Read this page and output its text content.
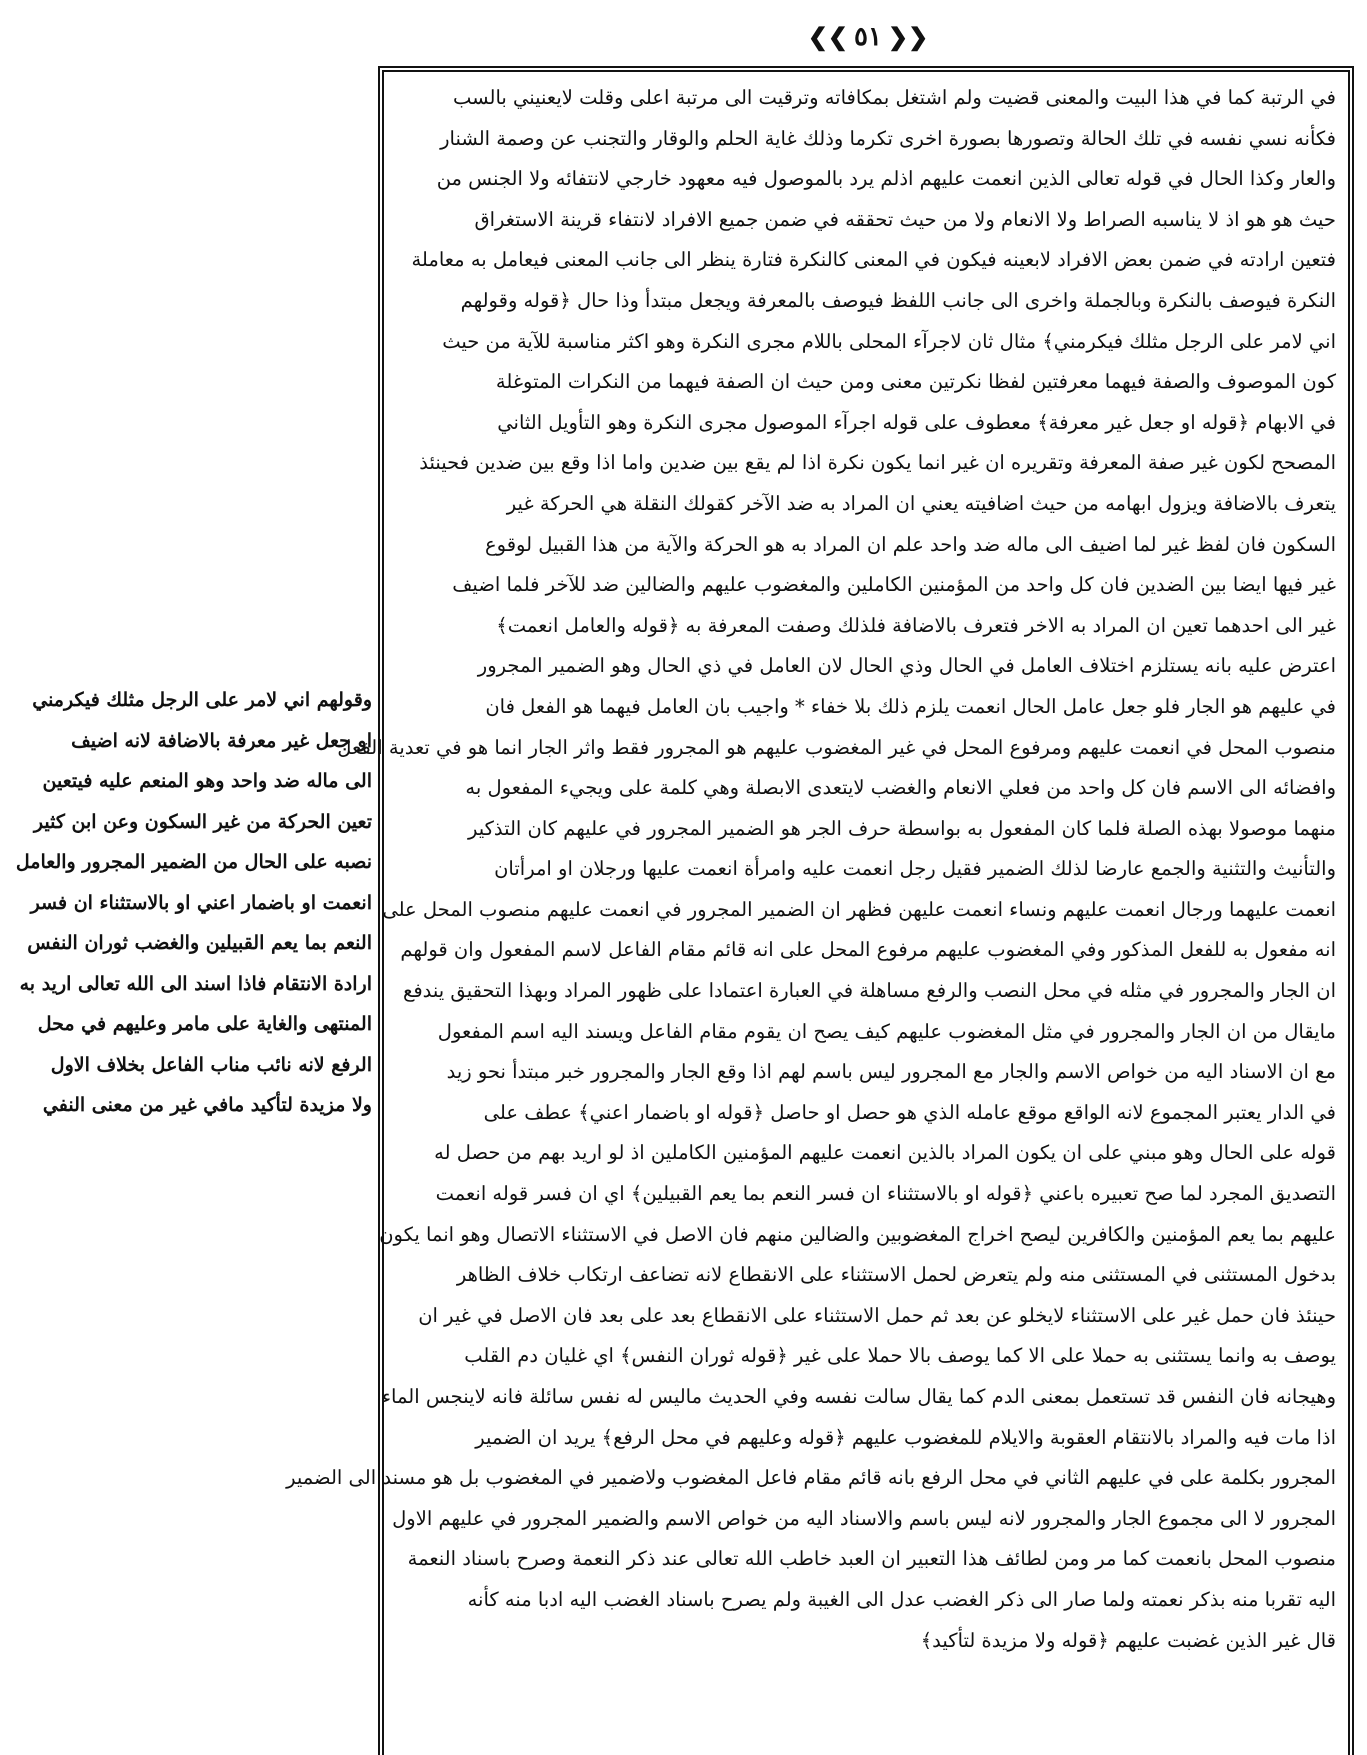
❮❮ ٥١ ❯❯
في الرتبة كما في هذا البيت والمعنى قضيت ولم اشتغل بمكافاته وترقيت الى مرتبة اعلى وقلت لايعنيني بالسب
فكأنه نسي نفسه في تلك الحالة وتصورها بصورة اخرى تكرما وذلك غاية الحلم والوقار والتجنب عن وصمة الشنار
والعار وكذا الحال في قوله تعالى الذين انعمت عليهم اذلم يرد بالموصول فيه معهود خارجي لانتفائه ولا الجنس من
حيث هو هو اذ لا يناسبه الصراط ولا الانعام ولا من حيث تحققه في ضمن جميع الافراد لانتفاء قرينة الاستغراق
فتعين ارادته في ضمن بعض الافراد لابعينه فيكون في المعنى كالنكرة فتارة ينظر الى جانب المعنى فيعامل به معاملة
النكرة فيوصف بالنكرة وبالجملة واخرى الى جانب اللفظ فيوصف بالمعرفة ويجعل مبتدأ وذا حال ﴿قوله وقولهم
اني لامر على الرجل مثلك فيكرمني﴾ مثال ثان لاجرآء المحلى باللام مجرى النكرة وهو اكثر مناسبة للآية من حيث
كون الموصوف والصفة فيهما معرفتين لفظا نكرتين معنى ومن حيث ان الصفة فيهما من النكرات المتوغلة
في الابهام ﴿قوله او جعل غير معرفة﴾ معطوف على قوله اجرآء الموصول مجرى النكرة وهو التأويل الثاني
المصحح لكون غير صفة المعرفة وتقريره ان غير انما يكون نكرة اذا لم يقع بين ضدين واما اذا وقع بين ضدين فحينئذ
يتعرف بالاضافة ويزول ابهامه من حيث اضافيته يعني ان المراد به ضد الآخر كقولك النقلة هي الحركة غير
السكون فان لفظ غير لما اضيف الى ماله ضد واحد علم ان المراد به هو الحركة والآية من هذا القبيل لوقوع
غير فيها ايضا بين الضدين فان كل واحد من المؤمنين الكاملين والمغضوب عليهم والضالين ضد للآخر فلما اضيف
غير الى احدهما تعين ان المراد به الاخر فتعرف بالاضافة فلذلك وصفت المعرفة به ﴿قوله والعامل انعمت﴾
اعترض عليه بانه يستلزم اختلاف العامل في الحال وذي الحال لان العامل في ذي الحال وهو الضمير المجرور
في عليهم هو الجار فلو جعل عامل الحال انعمت يلزم ذلك بلا خفاء * واجيب بان العامل فيهما هو الفعل فان
منصوب المحل في انعمت عليهم ومرفوع المحل في غير المغضوب عليهم هو المجرور فقط واثر الجار انما هو في تعدية الفعل
وافضائه الى الاسم فان كل واحد من فعلي الانعام والغضب لايتعدى الابصلة وهي كلمة على ويجيء المفعول به
منهما موصولا بهذه الصلة فلما كان المفعول به بواسطة حرف الجر هو الضمير المجرور في عليهم كان التذكير
والتأنيث والتثنية والجمع عارضا لذلك الضمير فقيل رجل انعمت عليه وامرأة انعمت عليها ورجلان او امرأتان
انعمت عليهما ورجال انعمت عليهم ونساء انعمت عليهن فظهر ان الضمير المجرور في انعمت عليهم منصوب المحل على
انه مفعول به للفعل المذكور وفي المغضوب عليهم مرفوع المحل على انه قائم مقام الفاعل لاسم المفعول وان قولهم
ان الجار والمجرور في مثله في محل النصب والرفع مساهلة في العبارة اعتمادا على ظهور المراد وبهذا التحقيق يندفع
مايقال من ان الجار والمجرور في مثل المغضوب عليهم كيف يصح ان يقوم مقام الفاعل ويسند اليه اسم المفعول
مع ان الاسناد اليه من خواص الاسم والجار مع المجرور ليس باسم لهم اذا وقع الجار والمجرور خبر مبتدأ نحو زيد
في الدار يعتبر المجموع لانه الواقع موقع عامله الذي هو حصل او حاصل ﴿قوله او باضمار اعني﴾ عطف على
قوله على الحال وهو مبني على ان يكون المراد بالذين انعمت عليهم المؤمنين الكاملين اذ لو اريد بهم من حصل له
التصديق المجرد لما صح تعبيره باعني ﴿قوله او بالاستثناء ان فسر النعم بما يعم القبيلين﴾ اي ان فسر قوله انعمت
عليهم بما يعم المؤمنين والكافرين ليصح اخراج المغضوبين والضالين منهم فان الاصل في الاستثناء الاتصال وهو انما يكون
بدخول المستثنى في المستثنى منه ولم يتعرض لحمل الاستثناء على الانقطاع لانه تضاعف ارتكاب خلاف الظاهر
حينئذ فان حمل غير على الاستثناء لايخلو عن بعد ثم حمل الاستثناء على الانقطاع بعد على بعد فان الاصل في غير ان
يوصف به وانما يستثنى به حملا على الا كما يوصف بالا حملا على غير ﴿قوله ثوران النفس﴾ اي غليان دم القلب
وهيجانه فان النفس قد تستعمل بمعنى الدم كما يقال سالت نفسه وفي الحديث ماليس له نفس سائلة فانه لاينجس الماء
اذا مات فيه والمراد بالانتقام العقوبة والايلام للمغضوب عليهم ﴿قوله وعليهم في محل الرفع﴾ يريد ان الضمير
المجرور بكلمة على في عليهم الثاني في محل الرفع بانه قائم مقام فاعل المغضوب ولاضمير في المغضوب بل هو مسند الى الضمير
المجرور لا الى مجموع الجار والمجرور لانه ليس باسم والاسناد اليه من خواص الاسم والضمير المجرور في عليهم الاول
منصوب المحل بانعمت كما مر ومن لطائف هذا التعبير ان العبد خاطب الله تعالى عند ذكر النعمة وصرح باسناد النعمة
اليه تقربا منه بذكر نعمته ولما صار الى ذكر الغضب عدل الى الغيبة ولم يصرح باسناد الغضب اليه ادبا منه كأنه
قال غير الذين غضبت عليهم ﴿قوله ولا مزيدة لتأكيد﴾
وقولهم اني لامر على الرجل مثلك فيكرمني
او جعل غير معرفة بالاضافة لانه اضيف
الى ماله ضد واحد وهو المنعم عليه فيتعين
تعين الحركة من غير السكون وعن ابن كثير
نصبه على الحال من الضمير المجرور والعامل
انعمت او باضمار اعني او بالاستثناء ان فسر
النعم بما يعم القبيلين والغضب ثوران النفس
ارادة الانتقام فاذا اسند الى الله تعالى اريد به
المنتهى والغاية على مامر وعليهم في محل
الرفع لانه نائب مناب الفاعل بخلاف الاول
ولا مزيدة لتأكيد مافي غير من معنى النفي
